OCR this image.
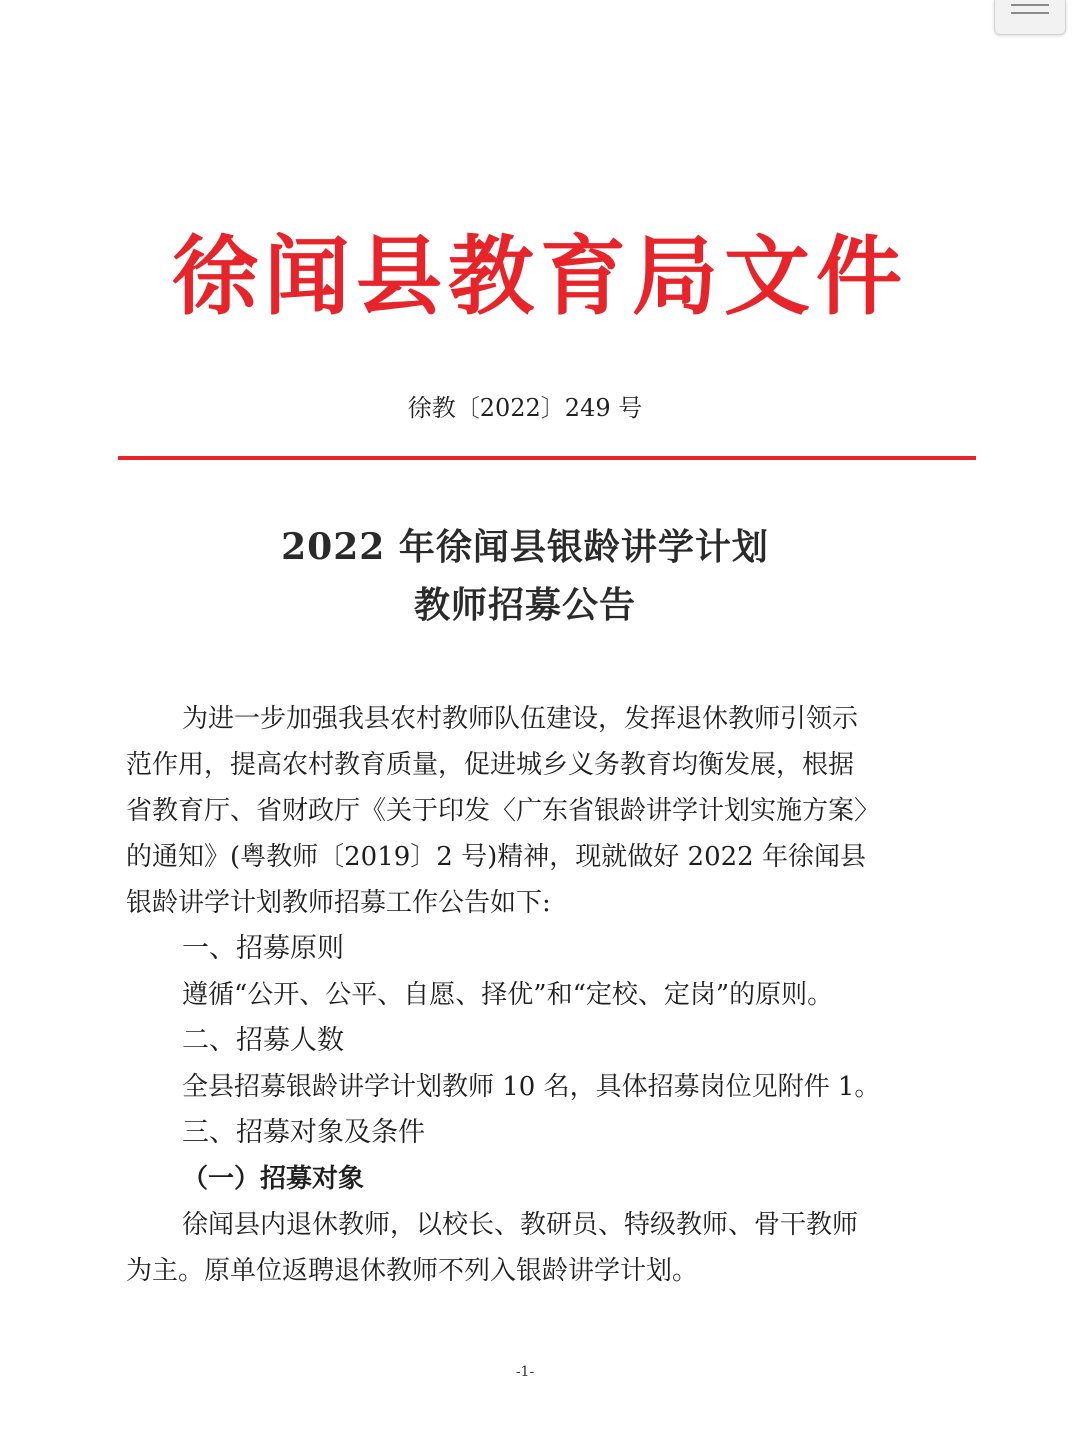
徐闻县教育局文件
徐教〔2022〕249 号
2022 年徐闻县银龄讲学计划
教师招募公告

为进一步加强我县农村教师队伍建设，发挥退休教师引领示

范作用，提高农村教育质量，促进城乡义务教育均衡发展，根据

省教育厅、省财政厅《关于印发〈广东省银龄讲学计划实施方案〉

的通知》(粤教师〔2019〕2 号)精神，现就做好 2022 年徐闻县

银龄讲学计划教师招募工作公告如下:

一、招募原则

遵循“公开、公平、自愿、择优”和“定校、定岗”的原则。

二、招募人数

全县招募银龄讲学计划教师 10 名，具体招募岗位见附件 1。

三、招募对象及条件

（一）招募对象

徐闻县内退休教师，以校长、教研员、特级教师、骨干教师

为主。原单位返聘退休教师不列入银龄讲学计划。

-1-
